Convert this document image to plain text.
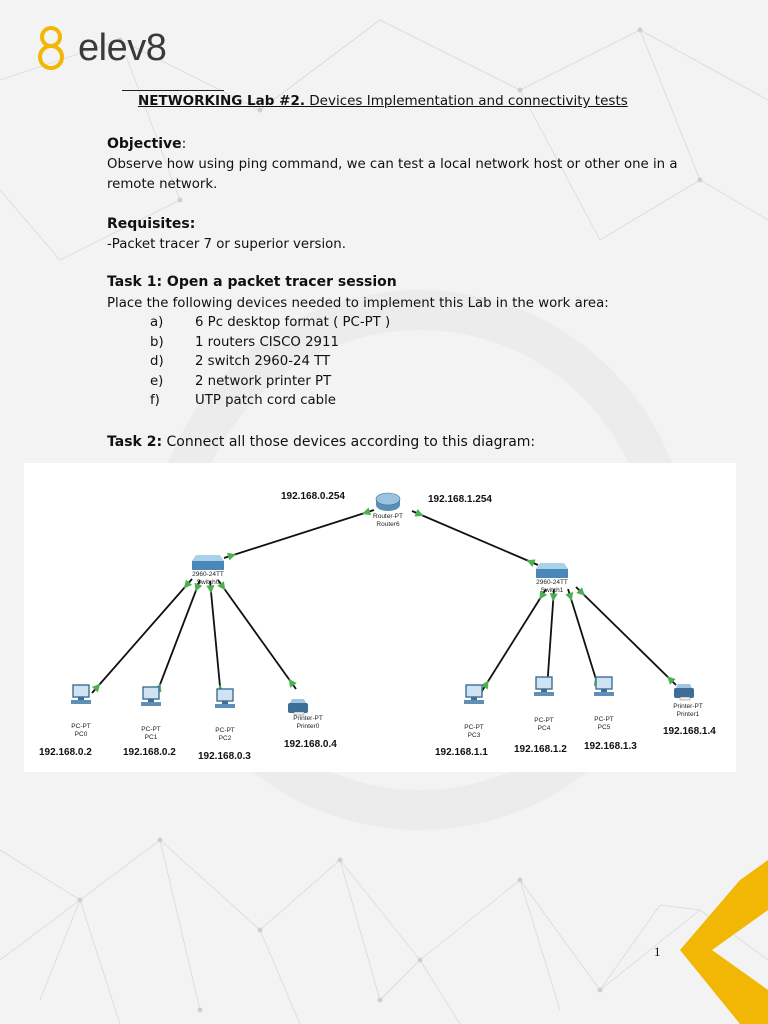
elev8
NETWORKING Lab #2. Devices Implementation and connectivity tests
Objective:
Observe how using ping command, we can test a local network host or other one in a
remote network.
Requisites:
-Packet tracer 7 or superior version.
Task 1: Open a packet tracer session
Place the following devices needed to implement this Lab in the work area:
a)	6 Pc desktop format ( PC-PT )
b)	1 routers CISCO 2911
d)	2 switch 2960-24 TT
e)	2 network printer PT
f)	UTP patch cord cable
Task 2: Connect all those devices according to this diagram:
Router-PT
Router6
2960-24TT
Switch0	2960-24TT
Switch1
PC-PT
PC0
PC-PT
PC1
PC-PT
PC2
Printer-PT
Printer0	PC-PT
PC3
PC-PT
PC4
PC-PT
PC5
Printer-PT
Printer1
192.168.0.254	192.168.1.254
192.168.0.2	192.168.0.2 192.168.0.3
192.168.0.4
192.168.1.1	192.168.1.2 192.168.1.3
192.168.1.4
1
